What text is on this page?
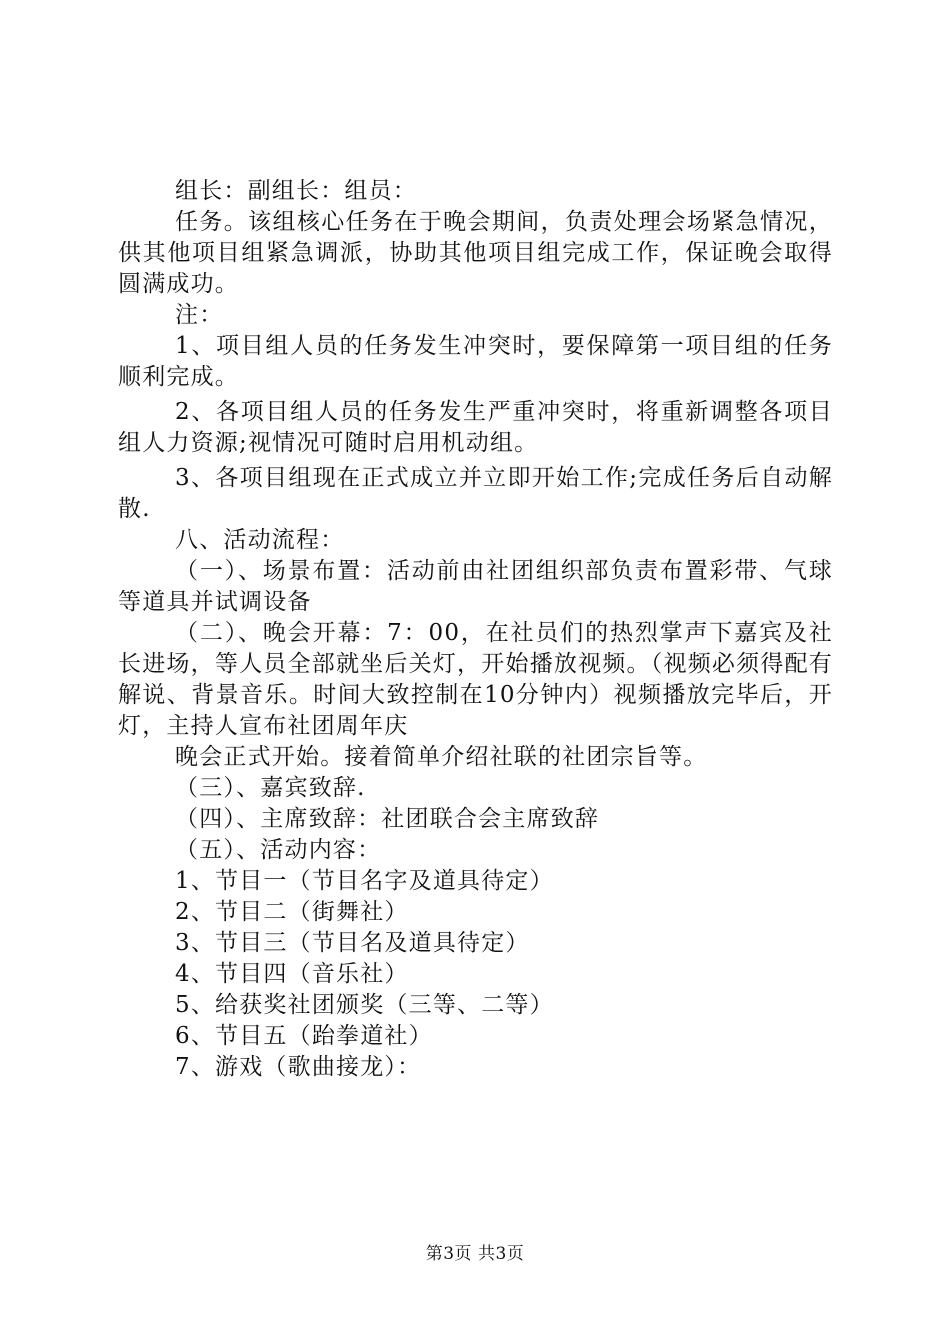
组长：副组长：组员：

任务。该组核心任务在于晚会期间，负责处理会场紧急情况，供其他项目组紧急调派，协助其他项目组完成工作，保证晚会取得圆满成功。

注：

1、项目组人员的任务发生冲突时，要保障第一项目组的任务顺利完成。

2、各项目组人员的任务发生严重冲突时，将重新调整各项目组人力资源;视情况可随时启用机动组。

3、各项目组现在正式成立并立即开始工作;完成任务后自动解散.

八、活动流程：

（一）、场景布置：活动前由社团组织部负责布置彩带、气球等道具并试调设备

（二）、晚会开幕：7：00，在社员们的热烈掌声下嘉宾及社长进场，等人员全部就坐后关灯，开始播放视频。（视频必须得配有解说、背景音乐。时间大致控制在10分钟内）视频播放完毕后，开灯，主持人宣布社团周年庆

晚会正式开始。接着简单介绍社联的社团宗旨等。

（三）、嘉宾致辞.

（四）、主席致辞：社团联合会主席致辞

（五）、活动内容：

1、节目一（节目名字及道具待定）

2、节目二（街舞社）

3、节目三（节目名及道具待定）

4、节目四（音乐社）

5、给获奖社团颁奖（三等、二等）

6、节目五（跆拳道社）

7、游戏（歌曲接龙）：

第3页 共3页
